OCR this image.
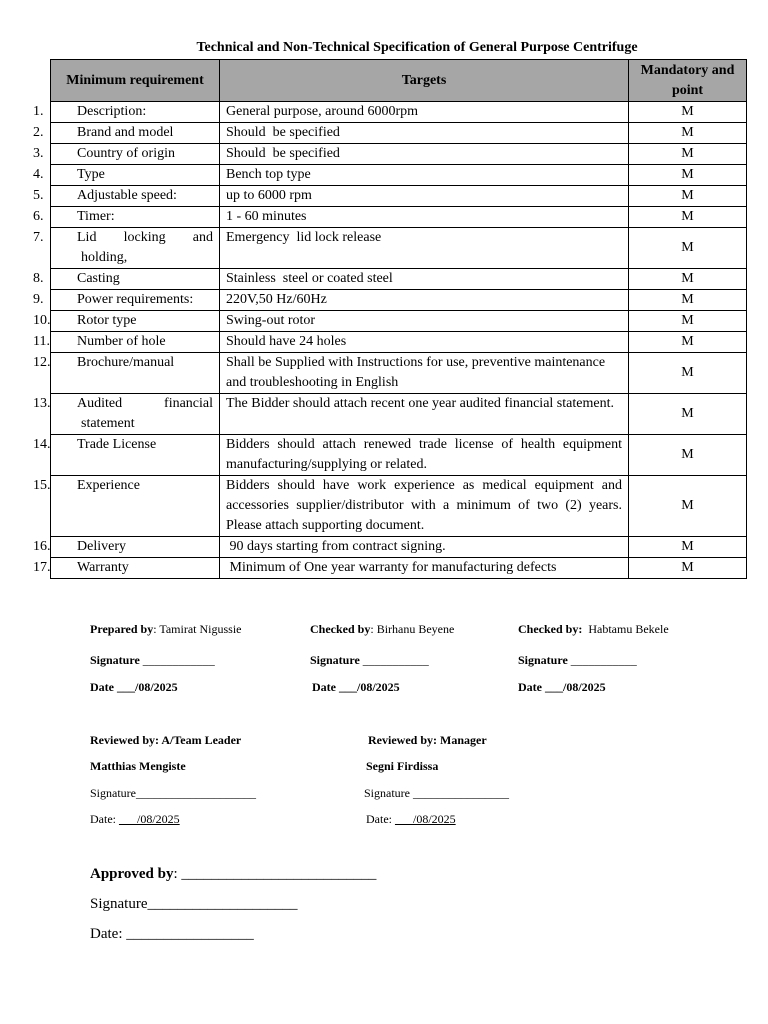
Technical and Non-Technical Specification of General Purpose Centrifuge
Minimum requirement	Targets	Mandatory and point

1. Description:	General purpose, around 6000rpm	M

2. Brand and model	Should  be specified	M

3. Country of origin	Should  be specified	M

4. Type	Bench top type	M

5. Adjustable speed:	up to 6000 rpm	M

6. Timer:	1 - 60 minutes	M

7. Lid locking and holding,	Emergency  lid lock release	M

8. Casting	Stainless  steel or coated steel	M

9. Power requirements:	220V,50 Hz/60Hz	M

10. Rotor type	Swing-out rotor	M

11. Number of hole	Should have 24 holes	M

12. Brochure/manual	Shall be Supplied with Instructions for use, preventive maintenance and troubleshooting in English	M

13. Audited financial statement	The Bidder should attach recent one year audited financial statement.	M

14. Trade License	Bidders should attach renewed trade license of health equipment manufacturing/supplying or related.	M

15. Experience	Bidders should have work experience as medical equipment and accessories supplier/distributor with a minimum of two (2) years. Please attach supporting document.	M

16. Delivery	90 days starting from contract signing.	M

17. Warranty	Minimum of One year warranty for manufacturing defects	M
Prepared by: Tamirat Nigussie	Checked by: Birhanu Beyene	Checked by: Habtamu Bekele
Signature ____________	Signature ___________	Signature ___________
Date ___/08/2025	Date ___/08/2025	Date ___/08/2025
Reviewed by: A/Team Leader	Reviewed by: Manager
Matthias Mengiste	Segni Firdissa
Signature____________________	Signature ________________
Date: ___/08/2025	Date: ___/08/2025
Approved by: __________________________
Signature____________________
Date: _________________
